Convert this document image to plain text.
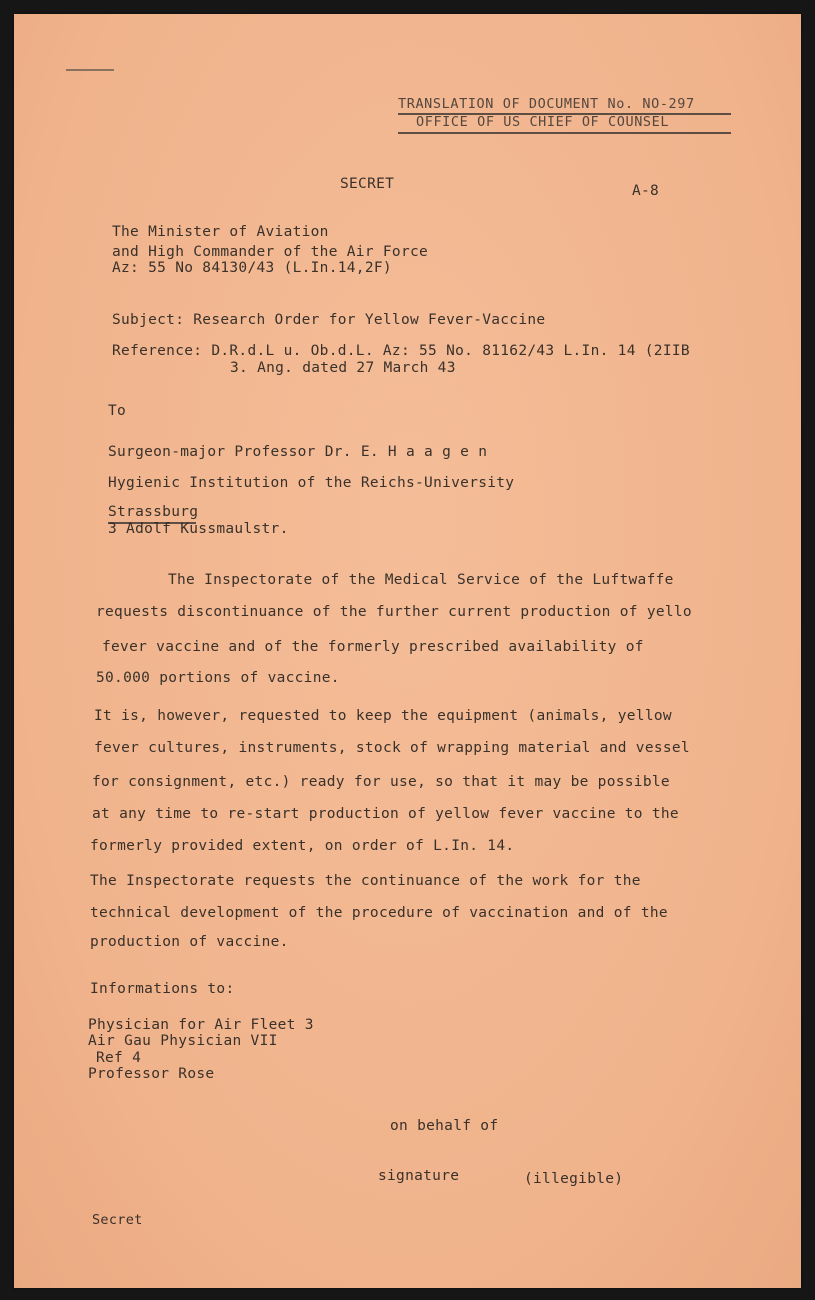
TRANSLATION OF DOCUMENT No. NO-297
OFFICE OF US CHIEF OF COUNSEL
SECRET	A-8
The Minister of Aviation
and High Commander of the Air Force
Az: 55 No 84130/43 (L.In.14,2F)
Subject: Research Order for Yellow Fever-Vaccine
Reference: D.R.d.L u. Ob.d.L. Az: 55 No. 81162/43 L.In. 14 (2IIB
3. Ang. dated 27 March 43
To
Surgeon-major Professor Dr. E. H a a g e n
Hygienic Institution of the Reichs-University
Strassburg
3 Adolf Kussmaulstr.
The Inspectorate of the Medical Service of the Luftwaffe
requests discontinuance of the further current production of yello
fever vaccine and of the formerly prescribed availability of
50.000 portions of vaccine.
It is, however, requested to keep the equipment (animals, yellow
fever cultures, instruments, stock of wrapping material and vessel
for consignment, etc.) ready for use, so that it may be possible
at any time to re-start production of yellow fever vaccine to the
formerly provided extent, on order of L.In. 14.
The Inspectorate requests the continuance of the work for the
technical development of the procedure of vaccination and of the
production of vaccine.
Informations to:
Physician for Air Fleet 3
Air Gau Physician VII
Ref 4
Professor Rose
on behalf of
signature	(illegible)
Secret
